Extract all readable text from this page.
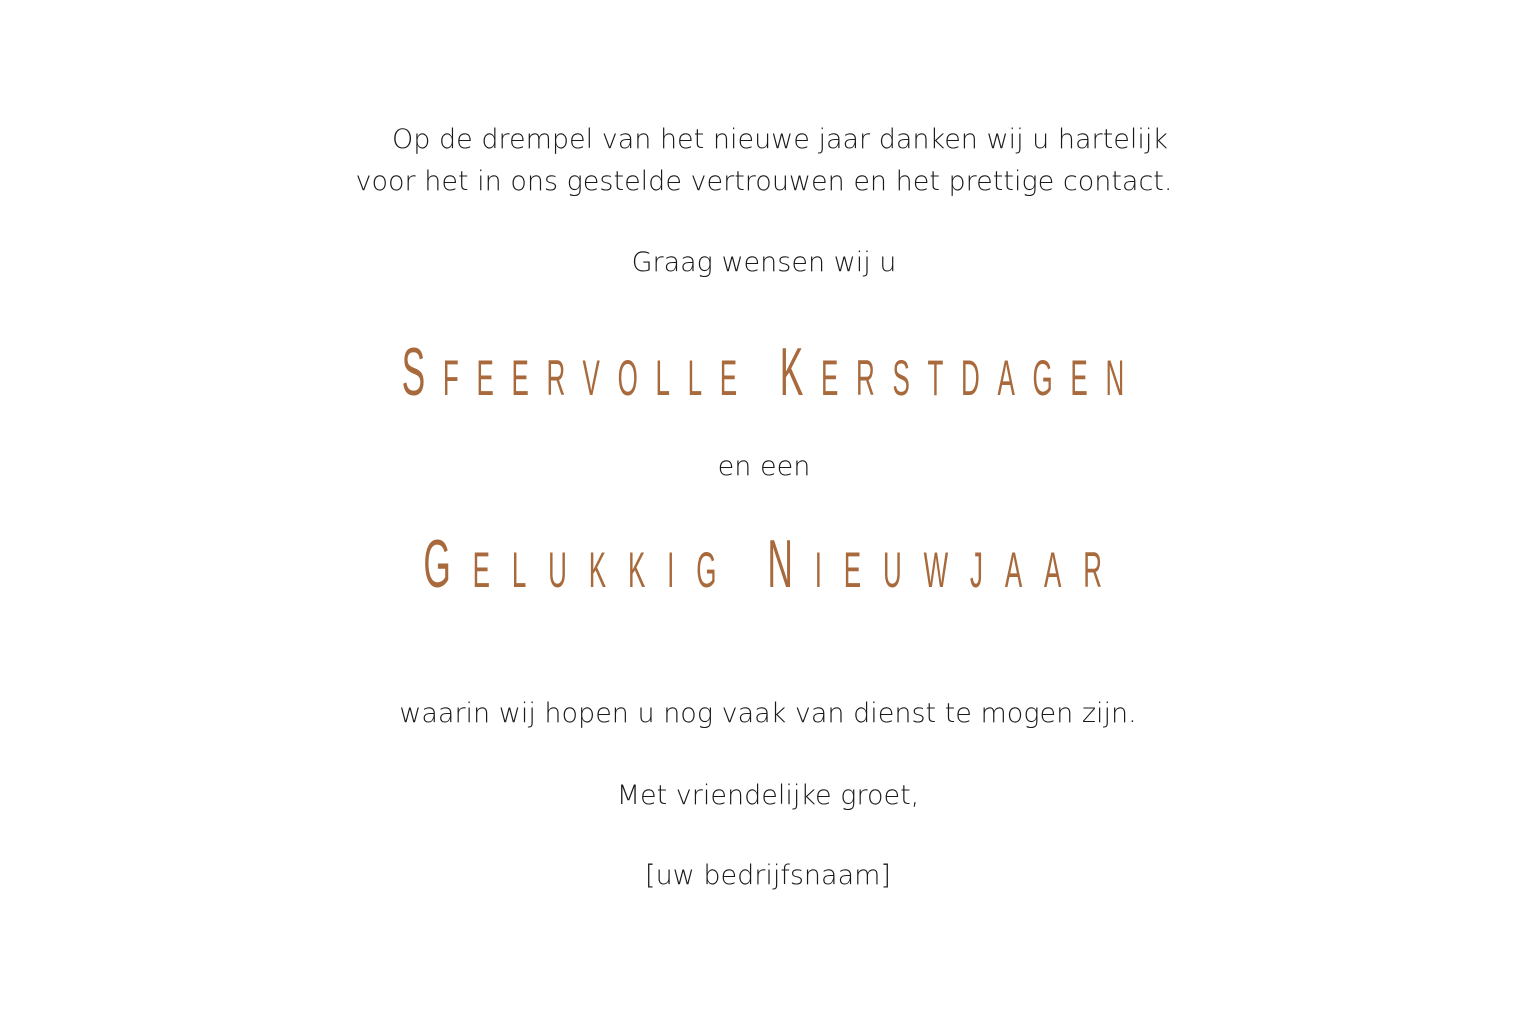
Op de drempel van het nieuwe jaar danken wij u hartelijk
voor het in ons gestelde vertrouwen en het prettige contact.
Graag wensen wij u
SFEERVOLLE KERSTDAGEN
en een
GELUKKIG NIEUWJAAR
waarin wij hopen u nog vaak van dienst te mogen zijn.
Met vriendelijke groet,
[uw bedrijfsnaam]
